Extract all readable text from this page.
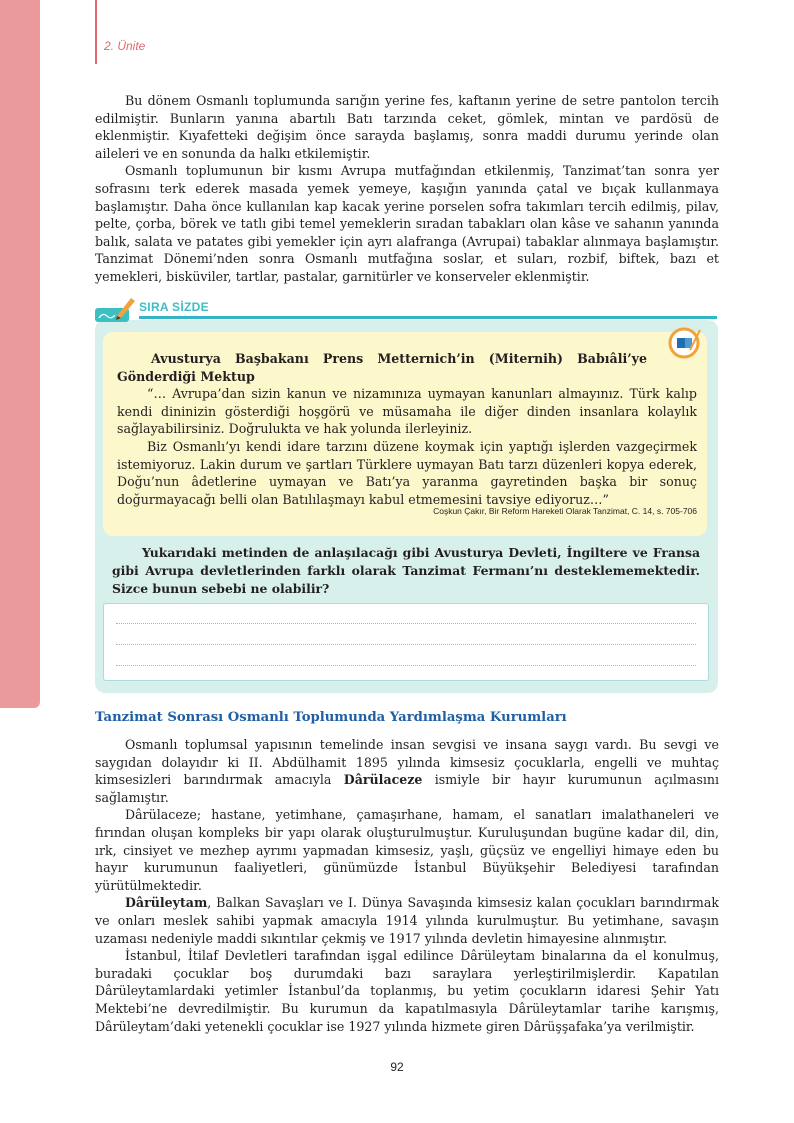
2. Ünite

Bu dönem Osmanlı toplumunda sarığın yerine fes, kaftanın yerine de setre pantolon tercih edilmiştir. Bunların yanına abartılı Batı tarzında ceket, gömlek, mintan ve pardösü de eklenmiştir. Kıyafetteki değişim önce sarayda başlamış, sonra maddi durumu yerinde olan aileleri ve en sonunda da halkı etkilemiştir.

Osmanlı toplumunun bir kısmı Avrupa mutfağından etkilenmiş, Tanzimat’tan sonra yer sofrasını terk ederek masada yemek yemeye, kaşığın yanında çatal ve bıçak kullanmaya başlamıştır. Daha önce kullanılan kap kacak yerine porselen sofra takımları tercih edilmiş, pilav, pelte, çorba, börek ve tatlı gibi temel yemeklerin sıradan tabakları olan kâse ve sahanın yanında balık, salata ve patates gibi yemekler için ayrı alafranga (Avrupai) tabaklar alınmaya başlamıştır. Tanzimat Dönemi’nden sonra Osmanlı mutfağına soslar, et suları, rozbif, biftek, bazı et yemekleri, bisküviler, tartlar, pastalar, garnitürler ve konserveler eklenmiştir.

SIRA SİZDE
Avusturya Başbakanı Prens Metternich’in (Miternih) Babıâli’ye Gönderdiği Mektup

“… Avrupa’dan sizin kanun ve nizamınıza uymayan kanunları almayınız. Türk kalıp kendi dininizin gösterdiği hoşgörü ve müsamaha ile diğer dinden insanlara kolaylık sağlayabilirsiniz. Doğrulukta ve hak yolunda ilerleyiniz.

Biz Osmanlı’yı kendi idare tarzını düzene koymak için yaptığı işlerden vazgeçirmek istemiyoruz. Lakin durum ve şartları Türklere uymayan Batı tarzı düzenleri kopya ederek, Doğu’nun âdetlerine uymayan ve Batı’ya yaranma gayretinden başka bir sonuç doğurmayacağı belli olan Batılılaşmayı kabul etmemesini tavsiye ediyoruz…”

Coşkun Çakır, Bir Reform Hareketi Olarak Tanzimat, C. 14, s. 705-706
Yukarıdaki metinden de anlaşılacağı gibi Avusturya Devleti, İngiltere ve Fransa gibi Avrupa devletlerinden farklı olarak Tanzimat Fermanı’nı desteklememektedir. Sizce bunun sebebi ne olabilir?
Tanzimat Sonrası Osmanlı Toplumunda Yardımlaşma Kurumları

Osmanlı toplumsal yapısının temelinde insan sevgisi ve insana saygı vardı. Bu sevgi ve saygıdan dolayıdır ki II. Abdülhamit 1895 yılında kimsesiz çocuklarla, engelli ve muhtaç kimsesizleri barındırmak amacıyla Dârülaceze ismiyle bir hayır kurumunun açılmasını sağlamıştır.

Dârülaceze; hastane, yetimhane, çamaşırhane, hamam, el sanatları imalathaneleri ve fırından oluşan kompleks bir yapı olarak oluşturulmuştur. Kuruluşundan bugüne kadar dil, din, ırk, cinsiyet ve mezhep ayrımı yapmadan kimsesiz, yaşlı, güçsüz ve engelliyi himaye eden bu hayır kurumunun faaliyetleri, günümüzde İstanbul Büyükşehir Belediyesi tarafından yürütülmektedir.

Dârüleytam, Balkan Savaşları ve I. Dünya Savaşında kimsesiz kalan çocukları barındırmak ve onları meslek sahibi yapmak amacıyla 1914 yılında kurulmuştur. Bu yetimhane, savaşın uzaması nedeniyle maddi sıkıntılar çekmiş ve 1917 yılında devletin himayesine alınmıştır.

İstanbul, İtilaf Devletleri tarafından işgal edilince Dârüleytam binalarına da el konulmuş, buradaki çocuklar boş durumdaki bazı saraylara yerleştirilmişlerdir. Kapatılan Dârüleytamlardaki yetimler İstanbul’da toplanmış, bu yetim çocukların idaresi Şehir Yatı Mektebi’ne devredilmiştir. Bu kurumun da kapatılmasıyla Dârüleytamlar tarihe karışmış, Dârüleytam’daki yetenekli çocuklar ise 1927 yılında hizmete giren Dârüşşafaka’ya verilmiştir.

92
